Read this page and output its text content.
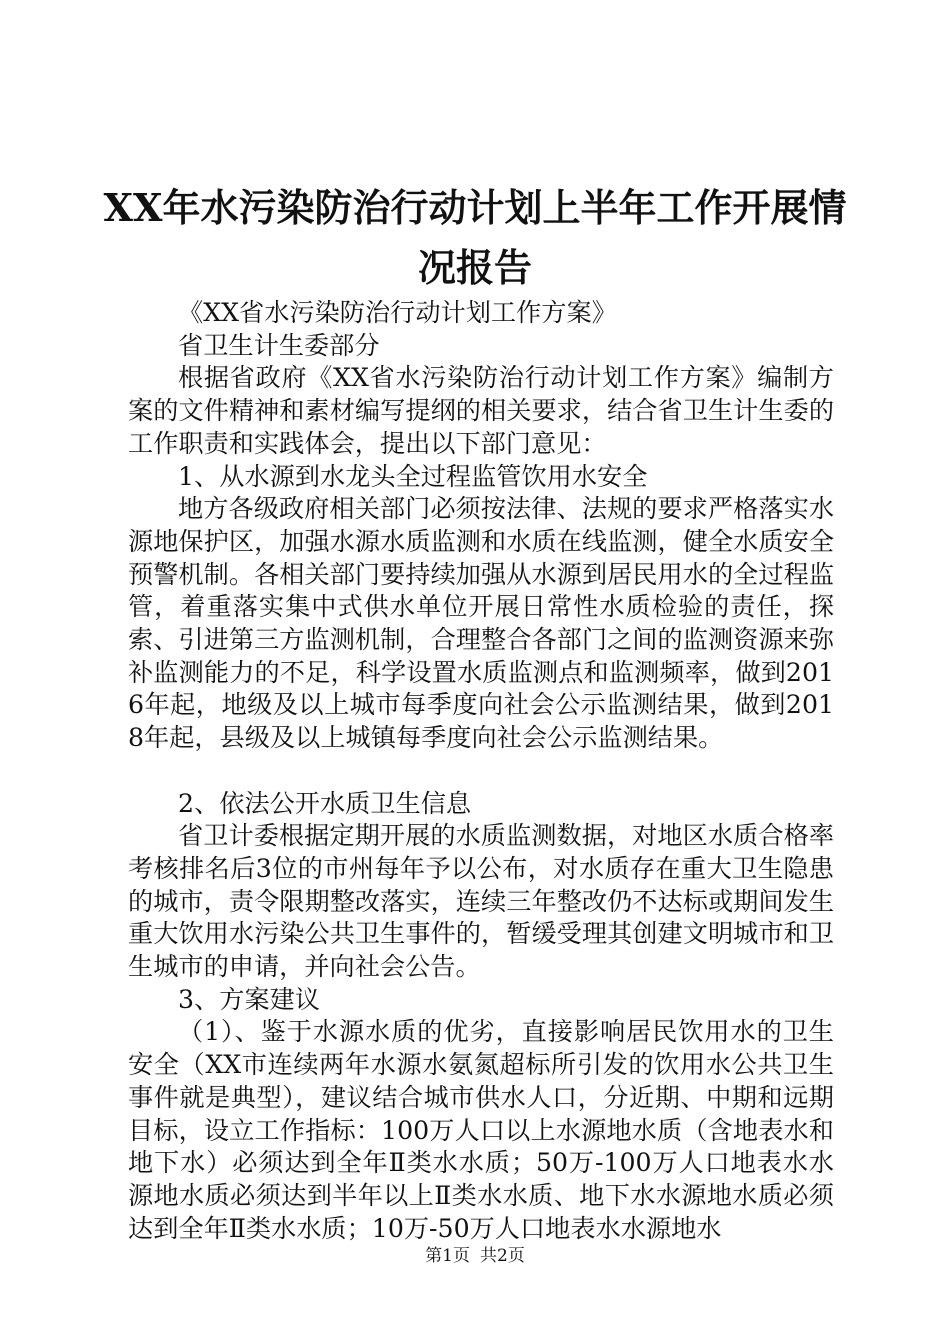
XX年水污染防治行动计划上半年工作开展情况报告

《XX省水污染防治行动计划工作方案》

省卫生计生委部分

根据省政府《XX省水污染防治行动计划工作方案》编制方案的文件精神和素材编写提纲的相关要求，结合省卫生计生委的工作职责和实践体会，提出以下部门意见：

1、从水源到水龙头全过程监管饮用水安全

地方各级政府相关部门必须按法律、法规的要求严格落实水源地保护区，加强水源水质监测和水质在线监测，健全水质安全预警机制。各相关部门要持续加强从水源到居民用水的全过程监管，着重落实集中式供水单位开展日常性水质检验的责任，探索、引进第三方监测机制，合理整合各部门之间的监测资源来弥补监测能力的不足，科学设置水质监测点和监测频率，做到2016年起，地级及以上城市每季度向社会公示监测结果，做到2018年起，县级及以上城镇每季度向社会公示监测结果。

2、依法公开水质卫生信息

省卫计委根据定期开展的水质监测数据，对地区水质合格率考核排名后3位的市州每年予以公布，对水质存在重大卫生隐患的城市，责令限期整改落实，连续三年整改仍不达标或期间发生重大饮用水污染公共卫生事件的，暂缓受理其创建文明城市和卫生城市的申请，并向社会公告。

3、方案建议

（1）、鉴于水源水质的优劣，直接影响居民饮用水的卫生安全（XX市连续两年水源水氨氮超标所引发的饮用水公共卫生事件就是典型），建议结合城市供水人口，分近期、中期和远期目标，设立工作指标：100万人口以上水源地水质（含地表水和地下水）必须达到全年Ⅱ类水水质；50万-100万人口地表水水源地水质必须达到半年以上Ⅱ类水水质、地下水水源地水质必须达到全年Ⅱ类水水质；10万-50万人口地表水水源地水

第1页 共2页
